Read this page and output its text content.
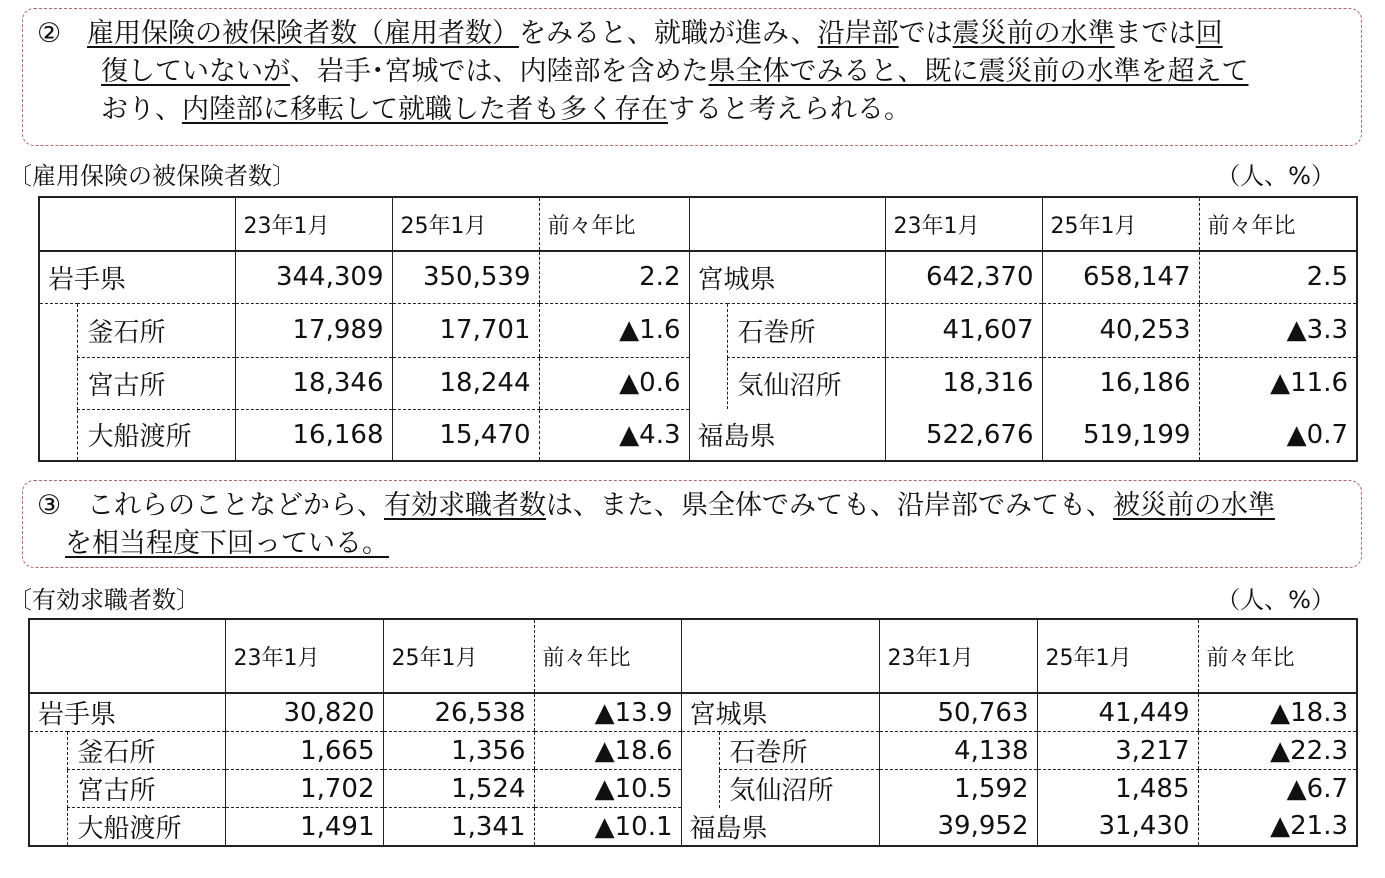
② 雇用保険の被保険者数（雇用者数）をみると、就職が進み、沿岸部では震災前の水準までは回
復していないが、岩手･宮城では、内陸部を含めた県全体でみると、既に震災前の水準を超えて
おり、内陸部に移転して就職した者も多く存在すると考えられる。
〔雇用保険の被保険者数〕	（人、%）
		23年1月	25年1月	前々年比			23年1月	25年1月	前々年比
岩手県		344,309	350,539	2.2	宮城県		642,370	658,147	2.5
	釜石所	17,989	17,701	▲1.6		石巻所	41,607	40,253	▲3.3
	宮古所	18,346	18,244	▲0.6		気仙沼所	18,316	16,186	▲11.6
	大船渡所	16,168	15,470	▲4.3	福島県		522,676	519,199	▲0.7
③ これらのことなどから、有効求職者数は、また、県全体でみても、沿岸部でみても、被災前の水準
を相当程度下回っている。
〔有効求職者数〕	（人、%）
		23年1月	25年1月	前々年比			23年1月	25年1月	前々年比
岩手県		30,820	26,538	▲13.9	宮城県		50,763	41,449	▲18.3
	釜石所	1,665	1,356	▲18.6		石巻所	4,138	3,217	▲22.3
	宮古所	1,702	1,524	▲10.5		気仙沼所	1,592	1,485	▲6.7
	大船渡所	1,491	1,341	▲10.1	福島県		39,952	31,430	▲21.3
